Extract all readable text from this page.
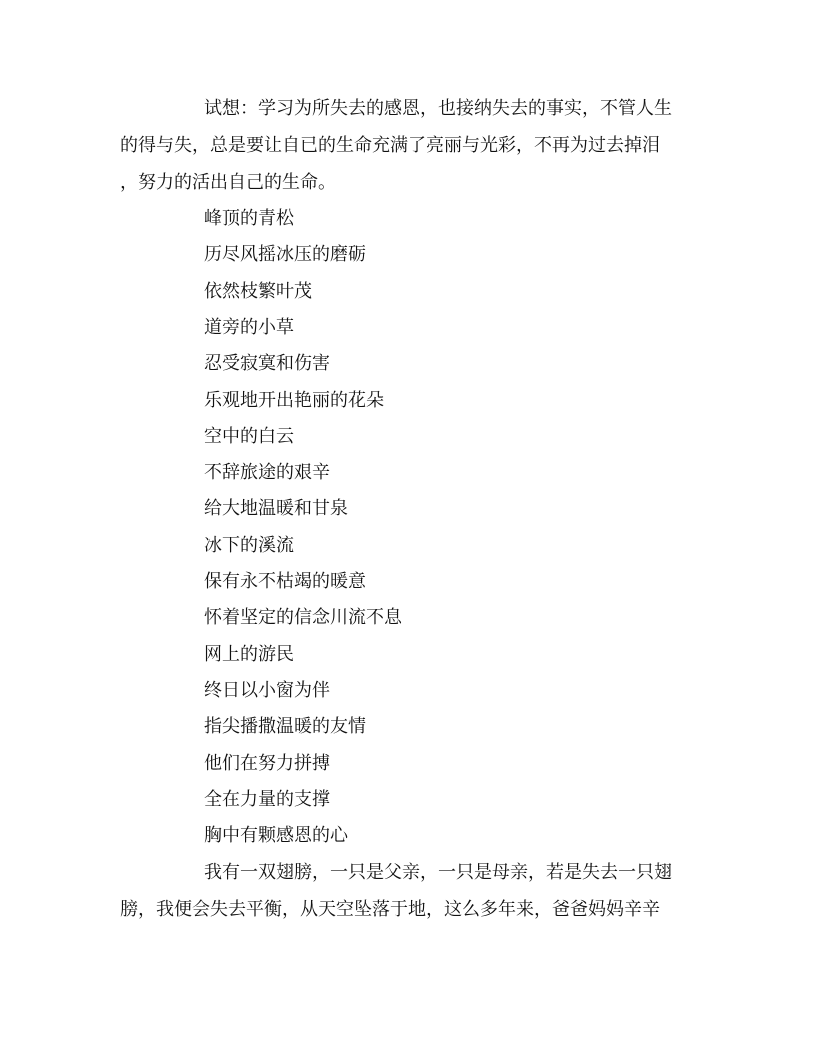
试想：学习为所失去的感恩，也接纳失去的事实，不管人生
的得与失，总是要让自已的生命充满了亮丽与光彩，不再为过去掉泪
，努力的活出自己的生命。
峰顶的青松
历尽风摇冰压的磨砺
依然枝繁叶茂
道旁的小草
忍受寂寞和伤害
乐观地开出艳丽的花朵
空中的白云
不辞旅途的艰辛
给大地温暖和甘泉
冰下的溪流
保有永不枯竭的暖意
怀着坚定的信念川流不息
网上的游民
终日以小窗为伴
指尖播撒温暖的友情
他们在努力拼搏
全在力量的支撑
胸中有颗感恩的心
我有一双翅膀，一只是父亲，一只是母亲，若是失去一只翅
膀，我便会失去平衡，从天空坠落于地，这么多年来，爸爸妈妈辛辛
